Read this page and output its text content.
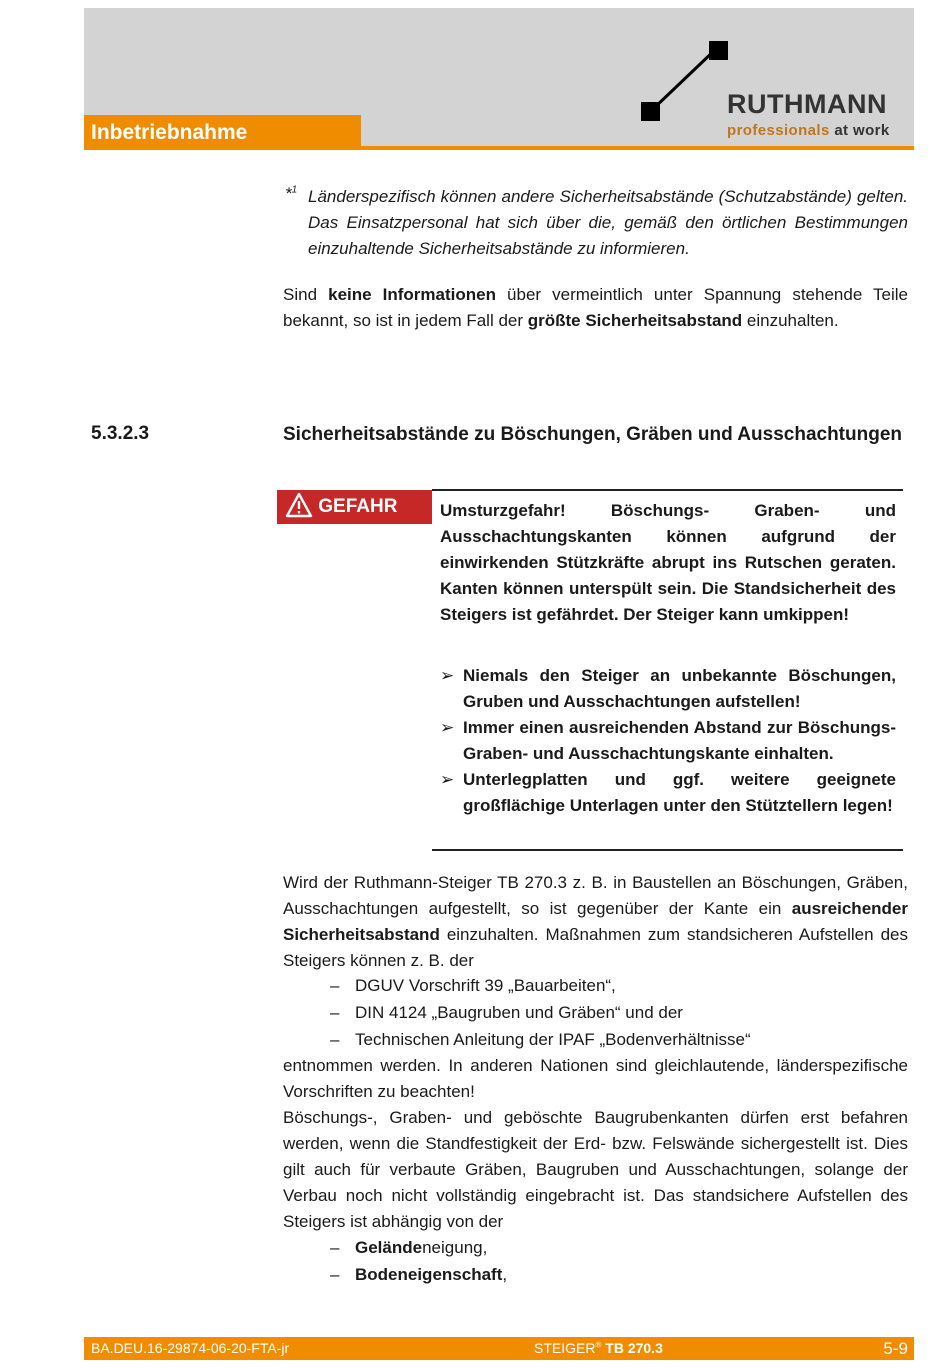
Inbetriebnahme
RUTHMANN
professionals at work
*$^1$ Länderspezifisch können andere Sicherheitsabstände (Schutzabstände) gelten. Das Einsatzpersonal hat sich über die, gemäß den örtlichen Bestimmungen einzuhaltende Sicherheitsabstände zu informieren.
Sind keine Informationen über vermeintlich unter Spannung stehende Teile bekannt, so ist in jedem Fall der größte Sicherheitsabstand einzuhalten.
5.3.2.3	Sicherheitsabstände zu Böschungen, Gräben und Ausschachtungen
GEFAHR	Umsturzgefahr! Böschungs- Graben- und Ausschachtungskanten können aufgrund der einwirkenden Stützkräfte abrupt ins Rutschen geraten. Kanten können unterspült sein. Die Standsicherheit des Steigers ist gefährdet. Der Steiger kann umkippen!
➢ Niemals den Steiger an unbekannte Böschungen, Gruben und Ausschachtungen aufstellen!
➢ Immer einen ausreichenden Abstand zur Böschungs- Graben- und Ausschachtungskante einhalten.
➢ Unterlegplatten und ggf. weitere geeignete großflächige Unterlagen unter den Stütztellern legen!
Wird der Ruthmann-Steiger TB 270.3 z. B. in Baustellen an Böschungen, Gräben, Ausschachtungen aufgestellt, so ist gegenüber der Kante ein ausreichender Sicherheitsabstand einzuhalten. Maßnahmen zum standsicheren Aufstellen des Steigers können z. B. der
– DGUV Vorschrift 39 „Bauarbeiten“,
– DIN 4124 „Baugruben und Gräben“ und der
– Technischen Anleitung der IPAF „Bodenverhältnisse“
entnommen werden. In anderen Nationen sind gleichlautende, länderspezifische Vorschriften zu beachten!
Böschungs-, Graben- und geböschte Baugrubenkanten dürfen erst befahren werden, wenn die Standfestigkeit der Erd- bzw. Felswände sichergestellt ist. Dies gilt auch für verbaute Gräben, Baugruben und Ausschachtungen, solange der Verbau noch nicht vollständig eingebracht ist. Das standsichere Aufstellen des Steigers ist abhängig von der
– Geländeneigung,
– Bodeneigenschaft,
BA.DEU.16-29874-06-20-FTA-jr	STEIGER® TB 270.3	5-9
